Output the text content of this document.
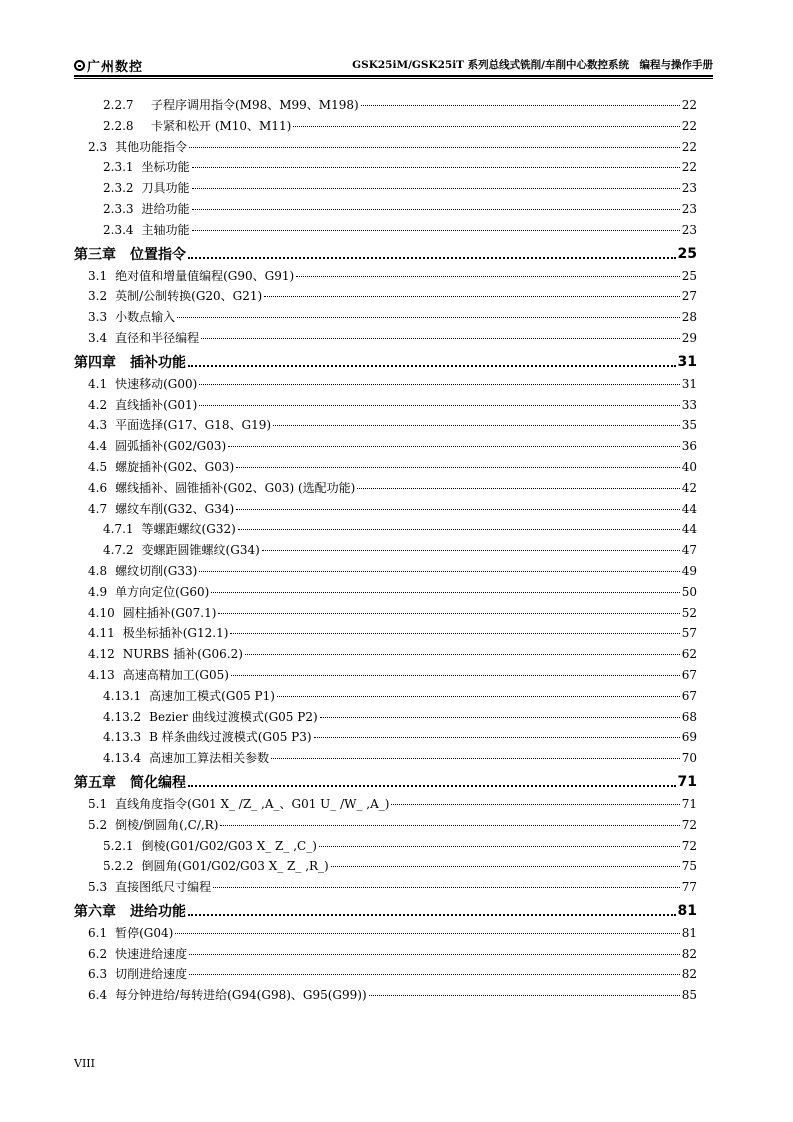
广州数控	GSK25iM/GSK25iT 系列总线式铣削/车削中心数控系统　编程与操作手册
2.2.7	子程序调用指令(M98、M99、M198)	22
2.2.8	卡紧和松开 (M10、M11)	22
2.3 其他功能指令	22
2.3.1 坐标功能	22
2.3.2 刀具功能	23
2.3.3 进给功能	23
2.3.4 主轴功能	23
第三章	位置指令	25
3.1 绝对值和增量值编程(G90、G91)	25
3.2 英制/公制转换(G20、G21)	27
3.3 小数点输入	28
3.4 直径和半径编程	29
第四章	插补功能	31
4.1 快速移动(G00)	31
4.2 直线插补(G01)	33
4.3 平面选择(G17、G18、G19)	35
4.4 圆弧插补(G02/G03)	36
4.5 螺旋插补(G02、G03)	40
4.6 螺线插补、圆锥插补(G02、G03) (选配功能)	42
4.7 螺纹车削(G32、G34)	44
4.7.1 等螺距螺纹(G32)	44
4.7.2 变螺距圆锥螺纹(G34)	47
4.8 螺纹切削(G33)	49
4.9 单方向定位(G60)	50
4.10 圆柱插补(G07.1)	52
4.11 极坐标插补(G12.1)	57
4.12 NURBS 插补(G06.2)	62
4.13 高速高精加工(G05)	67
4.13.1 高速加工模式(G05 P1)	67
4.13.2 Bezier 曲线过渡模式(G05 P2)	68
4.13.3 B 样条曲线过渡模式(G05 P3)	69
4.13.4 高速加工算法相关参数	70
第五章	简化编程	71
5.1 直线角度指令(G01 X_ /Z_ ,A_、G01 U_ /W_ ,A_)	71
5.2 倒棱/倒圆角(,C/,R)	72
5.2.1 倒棱(G01/G02/G03 X_ Z_ ,C_)	72
5.2.2 倒圆角(G01/G02/G03 X_ Z_ ,R_)	75
5.3 直接图纸尺寸编程	77
第六章	进给功能	81
6.1 暂停(G04)	81
6.2 快速进给速度	82
6.3 切削进给速度	82
6.4 每分钟进给/每转进给(G94(G98)、G95(G99))	85
VIII
